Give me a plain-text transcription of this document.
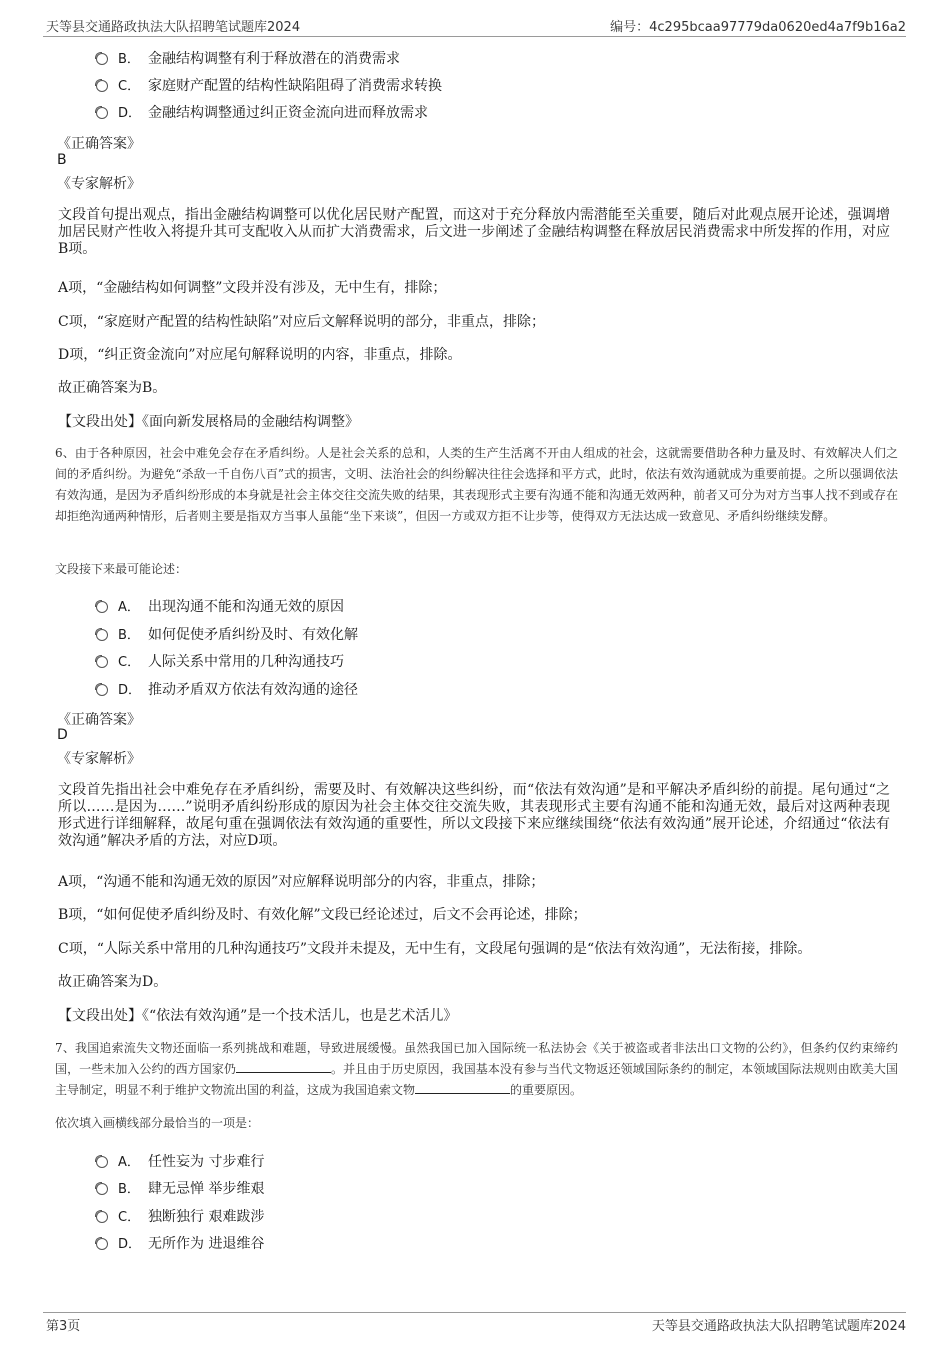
天等县交通路政执法大队招聘笔试题库2024	编号：4c295bcaa97779da0620ed4a7f9b16a2
B． 金融结构调整有利于释放潜在的消费需求
C． 家庭财产配置的结构性缺陷阻碍了消费需求转换
D． 金融结构调整通过纠正资金流向进而释放需求
《正确答案》
B
《专家解析》
文段首句提出观点，指出金融结构调整可以优化居民财产配置，而这对于充分释放内需潜能至关重要，随后对此观点展开论述，强调增加居民财产性收入将提升其可支配收入从而扩大消费需求，后文进一步阐述了金融结构调整在释放居民消费需求中所发挥的作用，对应B项。
A项，“金融结构如何调整”文段并没有涉及，无中生有，排除；
C项，“家庭财产配置的结构性缺陷”对应后文解释说明的部分，非重点，排除；
D项，“纠正资金流向”对应尾句解释说明的内容，非重点，排除。
故正确答案为B。
【文段出处】《面向新发展格局的金融结构调整》
6、由于各种原因，社会中难免会存在矛盾纠纷。人是社会关系的总和，人类的生产生活离不开由人组成的社会，这就需要借助各种力量及时、有效解决人们之间的矛盾纠纷。为避免“杀敌一千自伤八百”式的损害，文明、法治社会的纠纷解决往往会选择和平方式，此时，依法有效沟通就成为重要前提。之所以强调依法有效沟通，是因为矛盾纠纷形成的本身就是社会主体交往交流失败的结果，其表现形式主要有沟通不能和沟通无效两种，前者又可分为对方当事人找不到或存在却拒绝沟通两种情形，后者则主要是指双方当事人虽能“坐下来谈”，但因一方或双方拒不让步等，使得双方无法达成一致意见、矛盾纠纷继续发酵。
文段接下来最可能论述：
A． 出现沟通不能和沟通无效的原因
B． 如何促使矛盾纠纷及时、有效化解
C． 人际关系中常用的几种沟通技巧
D． 推动矛盾双方依法有效沟通的途径
《正确答案》
D
《专家解析》
文段首先指出社会中难免存在矛盾纠纷，需要及时、有效解决这些纠纷，而“依法有效沟通”是和平解决矛盾纠纷的前提。尾句通过“之所以……是因为……”说明矛盾纠纷形成的原因为社会主体交往交流失败，其表现形式主要有沟通不能和沟通无效，最后对这两种表现形式进行详细解释，故尾句重在强调依法有效沟通的重要性，所以文段接下来应继续围绕“依法有效沟通”展开论述，介绍通过“依法有效沟通”解决矛盾的方法，对应D项。
A项，“沟通不能和沟通无效的原因”对应解释说明部分的内容，非重点，排除；
B项，“如何促使矛盾纠纷及时、有效化解”文段已经论述过，后文不会再论述，排除；
C项，“人际关系中常用的几种沟通技巧”文段并未提及，无中生有，文段尾句强调的是“依法有效沟通”，无法衔接，排除。
故正确答案为D。
【文段出处】《“依法有效沟通”是一个技术活儿，也是艺术活儿》
7、我国追索流失文物还面临一系列挑战和难题，导致进展缓慢。虽然我国已加入国际统一私法协会《关于被盗或者非法出口文物的公约》，但条约仅约束缔约国，一些未加入公约的西方国家仍	。并且由于历史原因，我国基本没有参与当代文物返还领域国际条约的制定，本领域国际法规则由欧美大国主导制定，明显不利于维护文物流出国的利益，这成为我国追索文物	的重要原因。
依次填入画横线部分最恰当的一项是：
A． 任性妄为 寸步难行
B． 肆无忌惮 举步维艰
C． 独断独行 艰难跋涉
D． 无所作为 进退维谷
第3页	天等县交通路政执法大队招聘笔试题库2024
